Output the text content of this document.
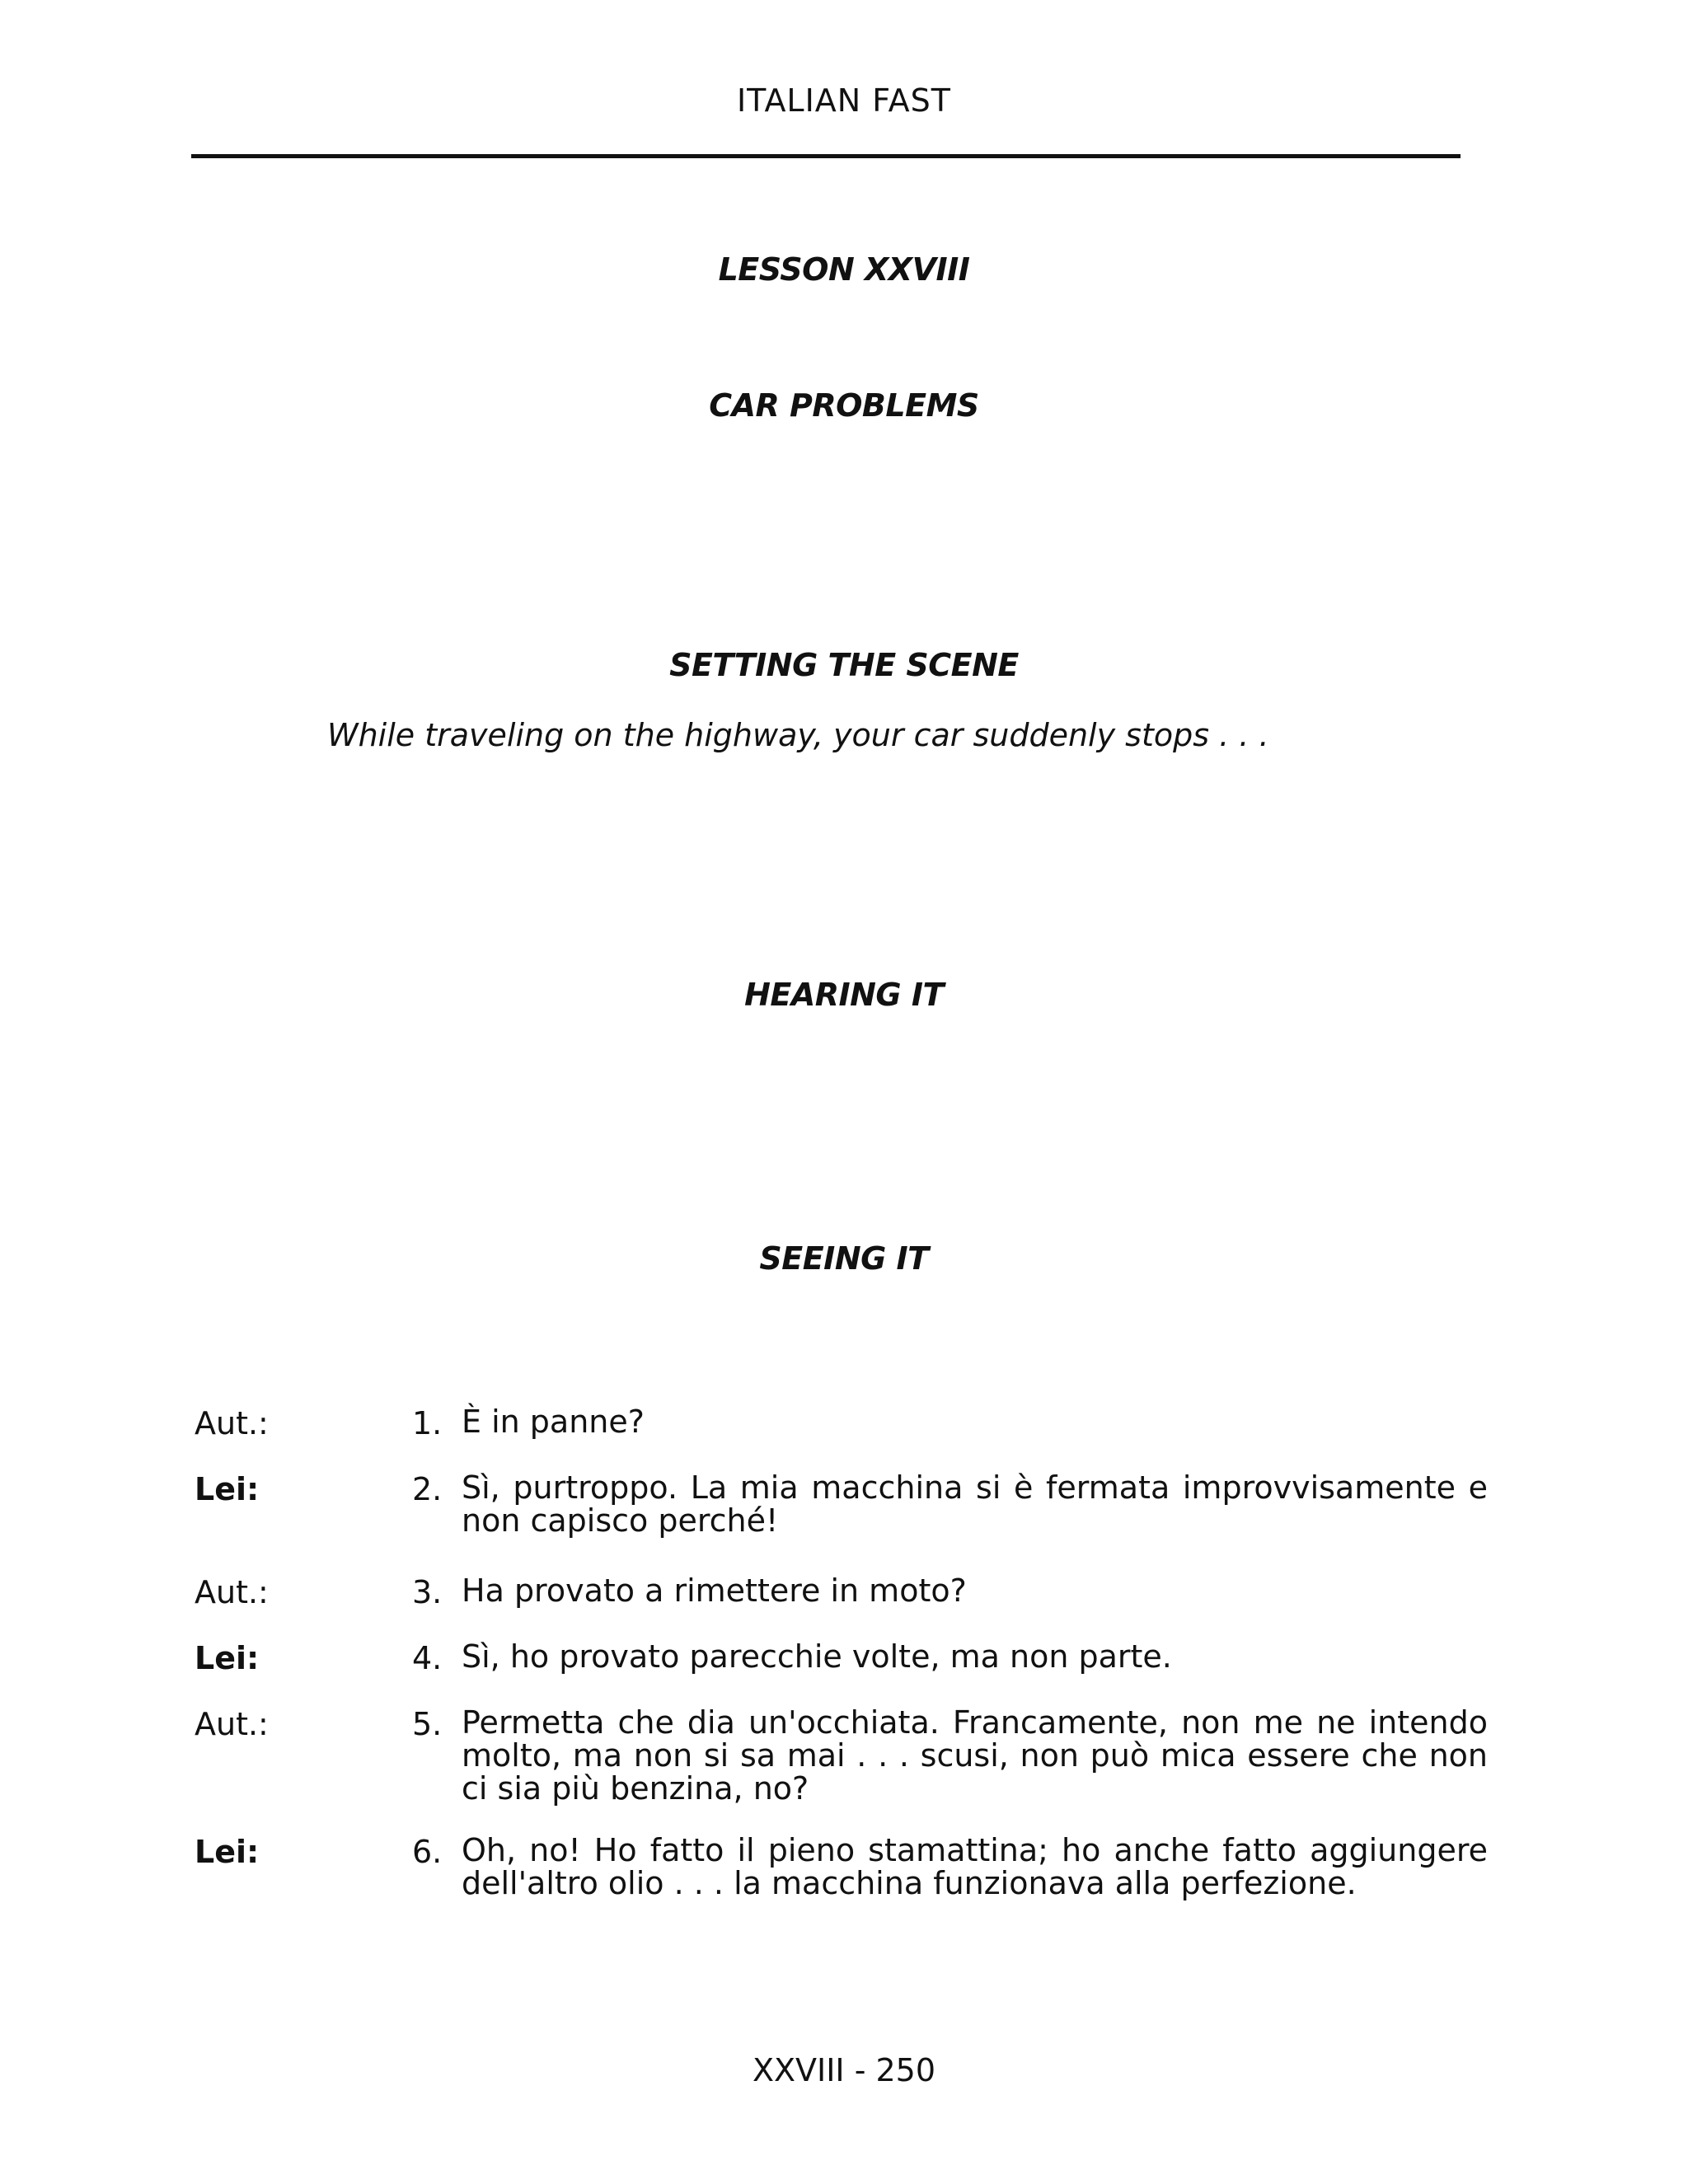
ITALIAN FAST
LESSON XXVIII
CAR PROBLEMS
SETTING THE SCENE
While traveling on the highway, your car suddenly stops . . .
HEARING IT
SEEING IT
Aut.:	1. È in panne?
Lei:	2. Sì, purtroppo. La mia macchina si è fermata improvvisamente e non capisco perché!
Aut.:	3. Ha provato a rimettere in moto?
Lei:	4. Sì, ho provato parecchie volte, ma non parte.
Aut.:	5. Permetta che dia un'occhiata. Francamente, non me ne intendo molto, ma non si sa mai . . . scusi, non può mica essere che non ci sia più benzina, no?
Lei:	6. Oh, no! Ho fatto il pieno stamattina; ho anche fatto aggiungere dell'altro olio . . . la macchina funzionava alla perfezione.
XXVIII - 250
